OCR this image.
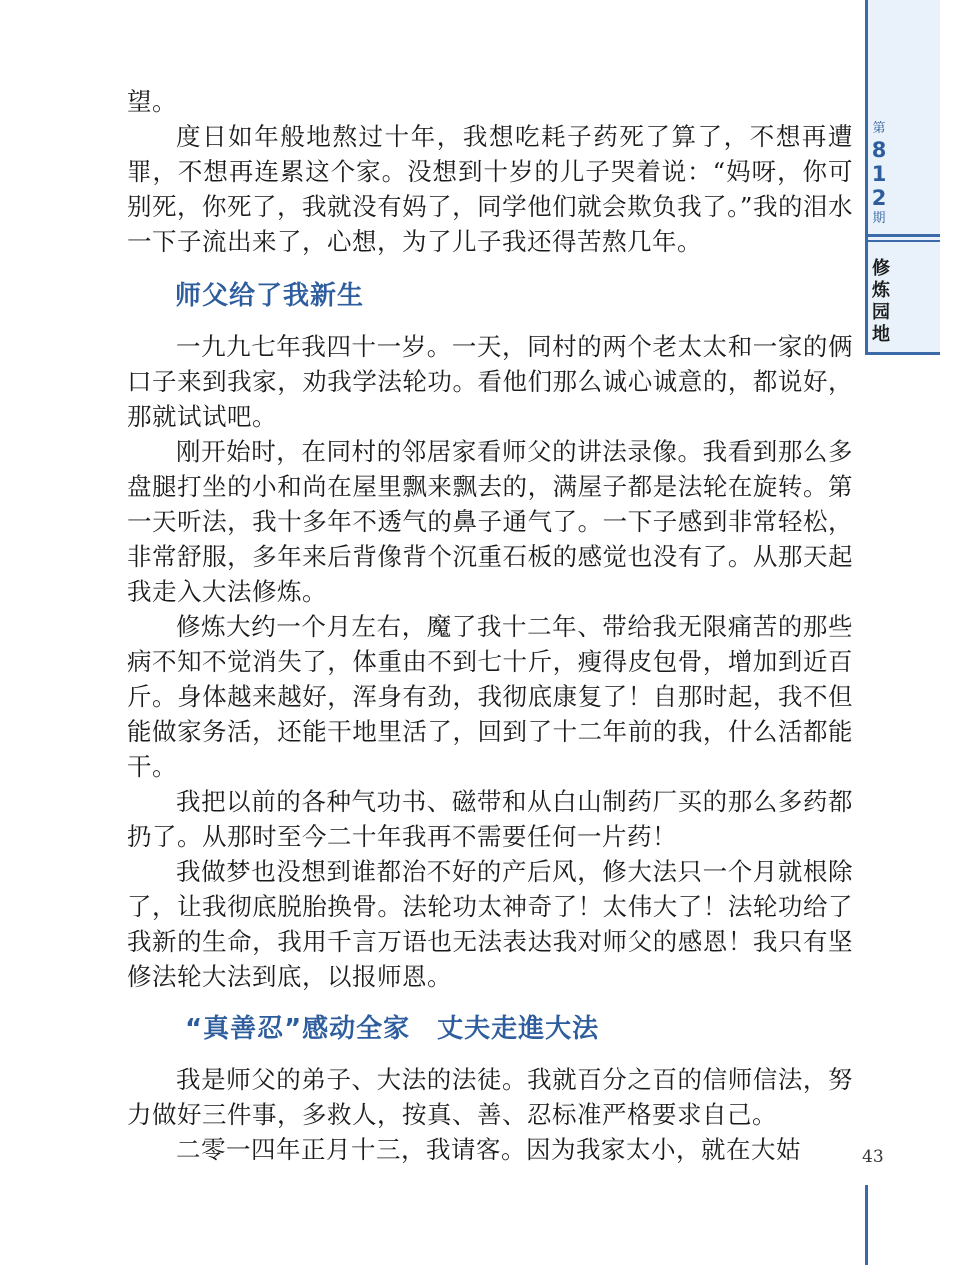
第
8
1
2
期
修
炼
园
地

望。

度日如年般地熬过十年，我想吃耗子药死了算了，不想再遭罪，不想再连累这个家。没想到十岁的儿子哭着说：“妈呀，你可别死，你死了，我就没有妈了，同学他们就会欺负我了。”我的泪水一下子流出来了，心想，为了儿子我还得苦熬几年。

师父给了我新生

一九九七年我四十一岁。一天，同村的两个老太太和一家的俩口子来到我家，劝我学法轮功。看他们那么诚心诚意的，都说好，那就试试吧。

刚开始时，在同村的邻居家看师父的讲法录像。我看到那么多盘腿打坐的小和尚在屋里飘来飘去的，满屋子都是法轮在旋转。第一天听法，我十多年不透气的鼻子通气了。一下子感到非常轻松，非常舒服，多年来后背像背个沉重石板的感觉也没有了。从那天起我走入大法修炼。

修炼大约一个月左右，魔了我十二年、带给我无限痛苦的那些病不知不觉消失了，体重由不到七十斤，瘦得皮包骨，增加到近百斤。身体越来越好，浑身有劲，我彻底康复了！自那时起，我不但能做家务活，还能干地里活了，回到了十二年前的我，什么活都能干。

我把以前的各种气功书、磁带和从白山制药厂买的那么多药都扔了。从那时至今二十年我再不需要任何一片药！

我做梦也没想到谁都治不好的产后风，修大法只一个月就根除了，让我彻底脱胎换骨。法轮功太神奇了！太伟大了！法轮功给了我新的生命，我用千言万语也无法表达我对师父的感恩！我只有坚修法轮大法到底，以报师恩。

“真善忍”感动全家　丈夫走進大法

我是师父的弟子、大法的法徒。我就百分之百的信师信法，努力做好三件事，多救人，按真、善、忍标准严格要求自己。

二零一四年正月十三，我请客。因为我家太小，就在大姑	43
